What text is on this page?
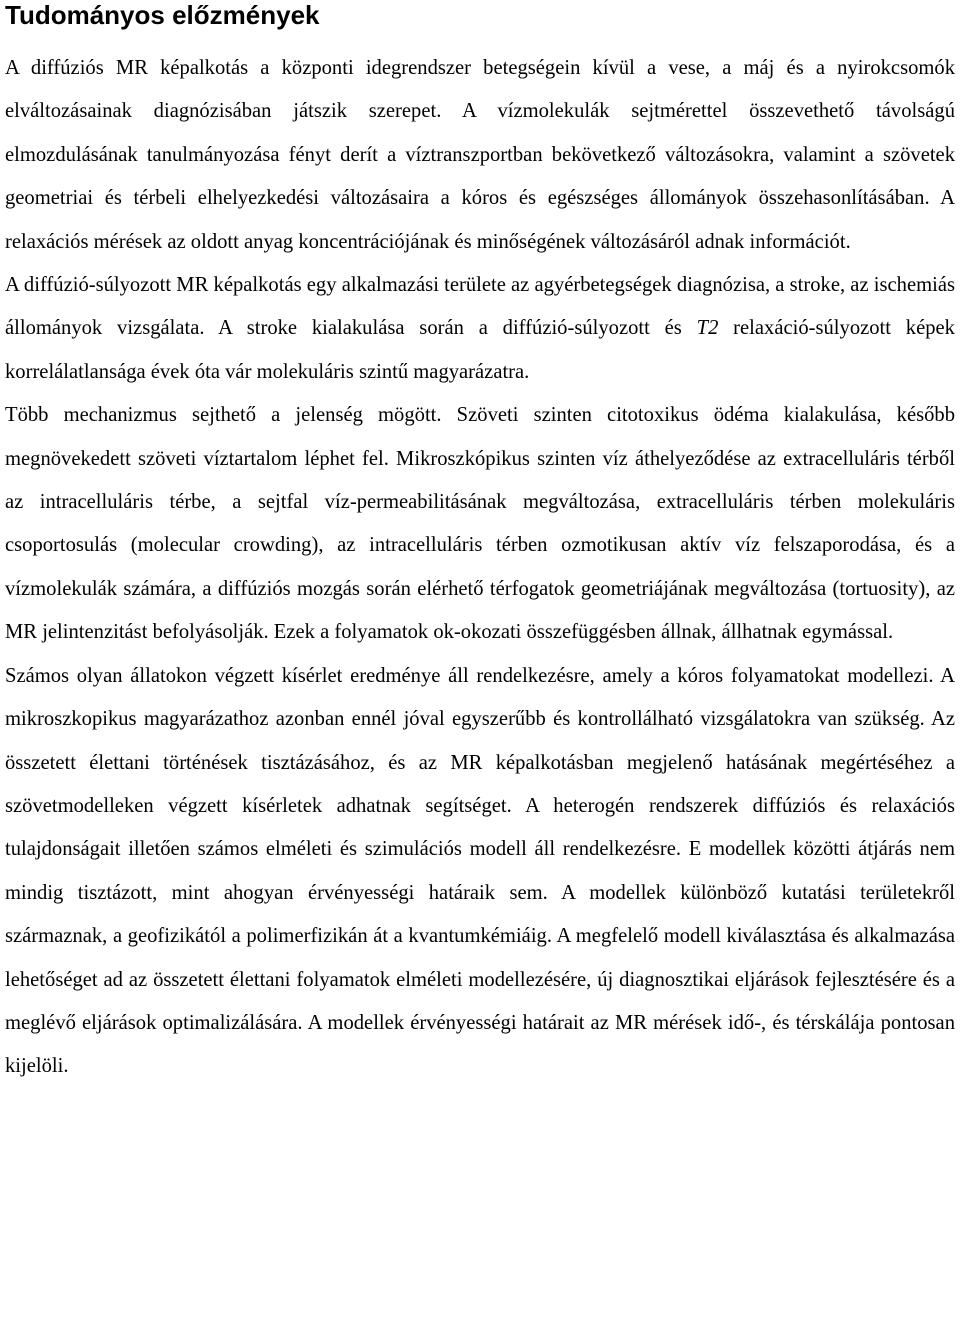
Tudományos előzmények

A diffúziós MR képalkotás a központi idegrendszer betegségein kívül a vese, a máj és a nyirokcsomók elváltozásainak diagnózisában játszik szerepet. A vízmolekulák sejtmérettel összevethető távolságú elmozdulásának tanulmányozása fényt derít a víztranszportban bekövetkező változásokra, valamint a szövetek geometriai és térbeli elhelyezkedési változásaira a kóros és egészséges állományok összehasonlításában. A relaxációs mérések az oldott anyag koncentrációjának és minőségének változásáról adnak információt.

A diffúzió-súlyozott MR képalkotás egy alkalmazási területe az agyérbetegségek diagnózisa, a stroke, az ischemiás állományok vizsgálata. A stroke kialakulása során a diffúzió-súlyozott és T2 relaxáció-súlyozott képek korrelálatlansága évek óta vár molekuláris szintű magyarázatra.

Több mechanizmus sejthető a jelenség mögött. Szöveti szinten citotoxikus ödéma kialakulása, később megnövekedett szöveti víztartalom léphet fel. Mikroszkópikus szinten víz áthelyeződése az extracelluláris térből az intracelluláris térbe, a sejtfal víz-permeabilitásának megváltozása, extracelluláris térben molekuláris csoportosulás (molecular crowding), az intracelluláris térben ozmotikusan aktív víz felszaporodása, és a vízmolekulák számára, a diffúziós mozgás során elérhető térfogatok geometriájának megváltozása (tortuosity), az MR jelintenzitást befolyásolják. Ezek a folyamatok ok-okozati összefüggésben állnak, állhatnak egymással.

Számos olyan állatokon végzett kísérlet eredménye áll rendelkezésre, amely a kóros folyamatokat modellezi. A mikroszkopikus magyarázathoz azonban ennél jóval egyszerűbb és kontrollálható vizsgálatokra van szükség. Az összetett élettani történések tisztázásához, és az MR képalkotásban megjelenő hatásának megértéséhez a szövetmodelleken végzett kísérletek adhatnak segítséget. A heterogén rendszerek diffúziós és relaxációs tulajdonságait illetően számos elméleti és szimulációs modell áll rendelkezésre. E modellek közötti átjárás nem mindig tisztázott, mint ahogyan érvényességi határaik sem. A modellek különböző kutatási területekről származnak, a geofizikától a polimerfizikán át a kvantumkémiáig. A megfelelő modell kiválasztása és alkalmazása lehetőséget ad az összetett élettani folyamatok elméleti modellezésére, új diagnosztikai eljárások fejlesztésére és a meglévő eljárások optimalizálására. A modellek érvényességi határait az MR mérések idő-, és térskálája pontosan kijelöli.
